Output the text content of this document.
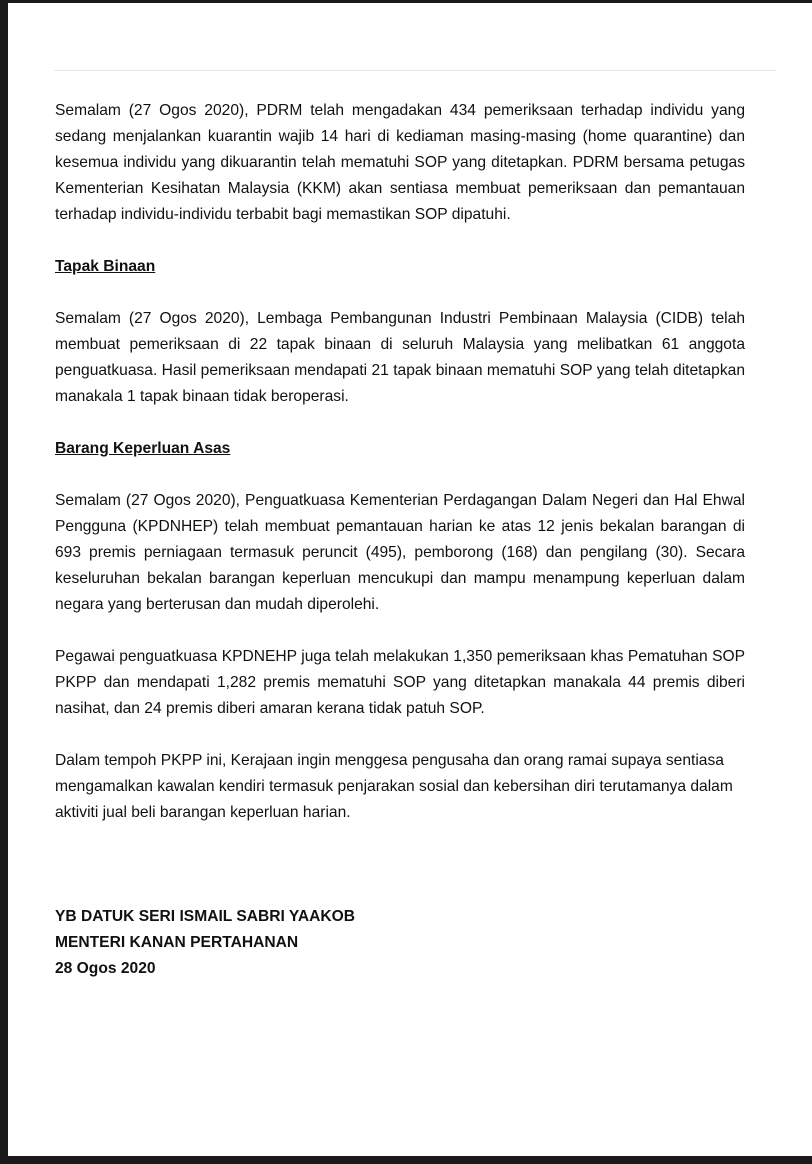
Semalam (27 Ogos 2020), PDRM telah mengadakan 434 pemeriksaan terhadap individu yang sedang menjalankan kuarantin wajib 14 hari di kediaman masing-masing (home quarantine) dan kesemua individu yang dikuarantin telah mematuhi SOP yang ditetapkan. PDRM bersama petugas Kementerian Kesihatan Malaysia (KKM) akan sentiasa membuat pemeriksaan dan pemantauan terhadap individu-individu terbabit bagi memastikan SOP dipatuhi.

Tapak Binaan

Semalam (27 Ogos 2020), Lembaga Pembangunan Industri Pembinaan Malaysia (CIDB) telah membuat pemeriksaan di 22 tapak binaan di seluruh Malaysia yang melibatkan 61 anggota penguatkuasa. Hasil pemeriksaan mendapati 21 tapak binaan mematuhi SOP yang telah ditetapkan manakala 1 tapak binaan tidak beroperasi.

Barang Keperluan Asas

Semalam (27 Ogos 2020), Penguatkuasa Kementerian Perdagangan Dalam Negeri dan Hal Ehwal Pengguna (KPDNHEP) telah membuat pemantauan harian ke atas 12 jenis bekalan barangan di 693 premis perniagaan termasuk peruncit (495), pemborong (168) dan pengilang (30). Secara keseluruhan bekalan barangan keperluan mencukupi dan mampu menampung keperluan dalam negara yang berterusan dan mudah diperolehi.

Pegawai penguatkuasa KPDNEHP juga telah melakukan 1,350 pemeriksaan khas Pematuhan SOP PKPP dan mendapati 1,282 premis mematuhi SOP yang ditetapkan manakala 44 premis diberi nasihat, dan 24 premis diberi amaran kerana tidak patuh SOP.

Dalam tempoh PKPP ini, Kerajaan ingin menggesa pengusaha dan orang ramai supaya sentiasa mengamalkan kawalan kendiri termasuk penjarakan sosial dan kebersihan diri terutamanya dalam aktiviti jual beli barangan keperluan harian.

YB DATUK SERI ISMAIL SABRI YAAKOB
MENTERI KANAN PERTAHANAN
28 Ogos 2020
